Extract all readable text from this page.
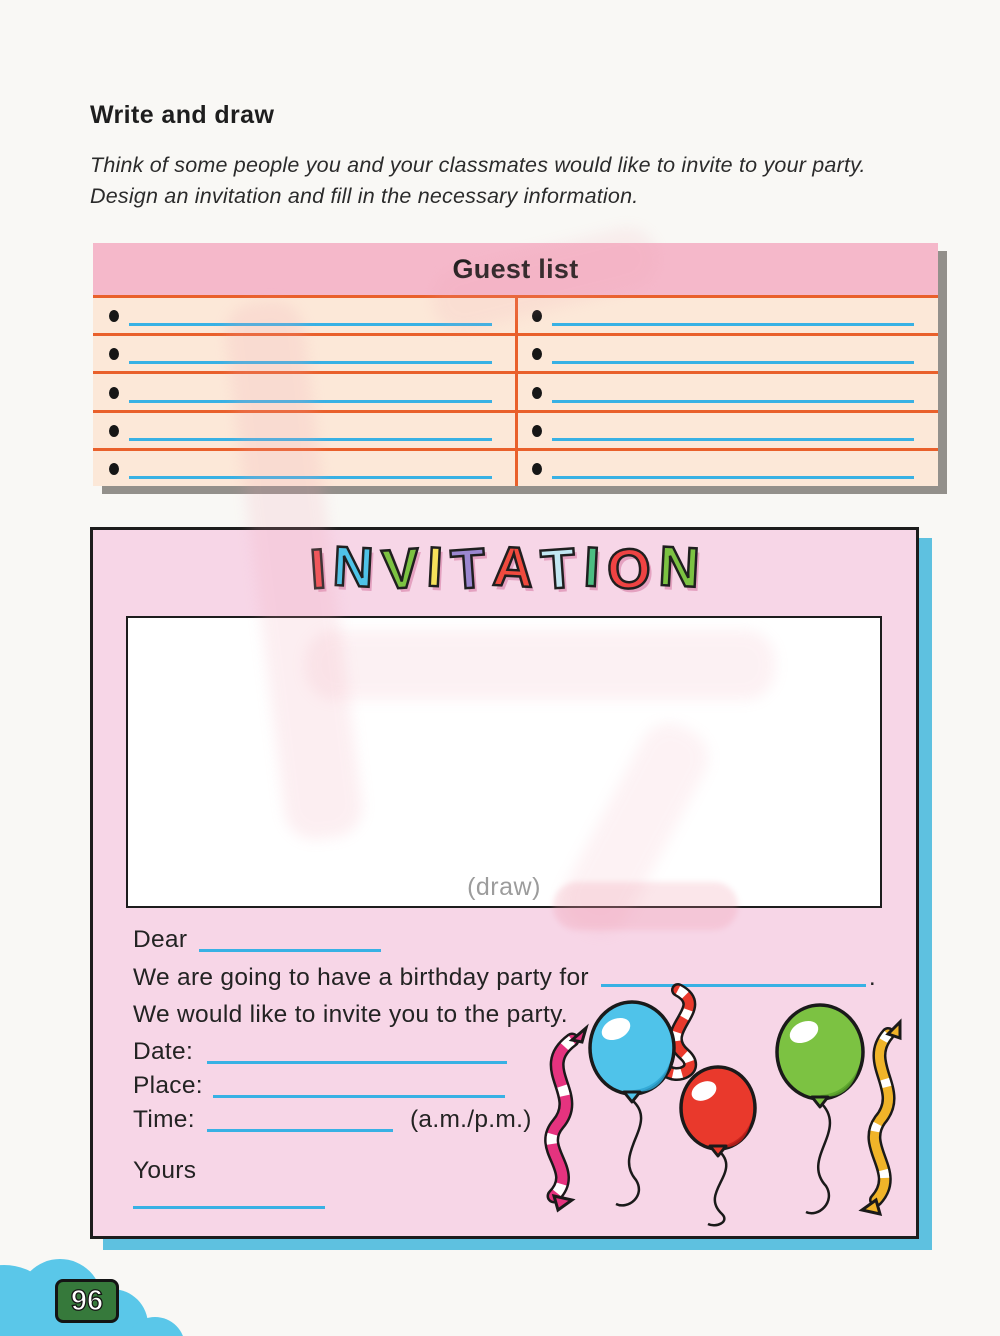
Write and draw
Think of some people you and your classmates would like to invite to your party. Design an invitation and fill in the necessary information.
Guest list
INVITATION
(draw)
Dear
We are going to have a birthday party for	.
We would like to invite you to the party.
Date:
Place:
Time:	(a.m./p.m.)
Yours
96
